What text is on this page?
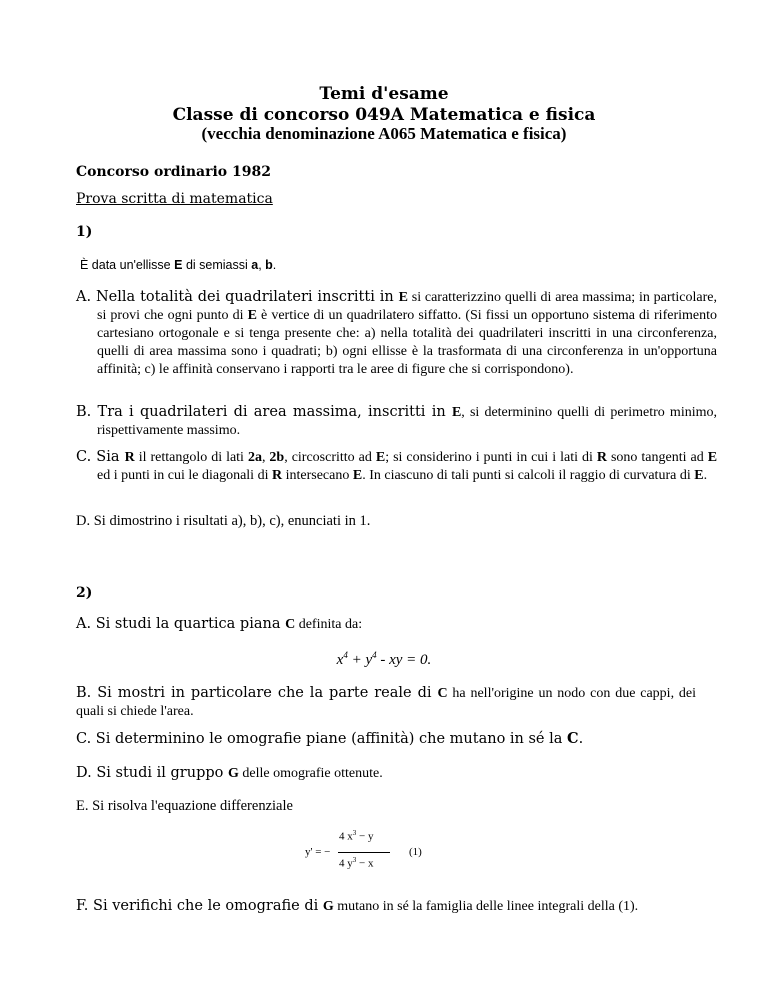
Temi d'esame
Classe di concorso 049A Matematica e fisica
(vecchia denominazione A065 Matematica e fisica)
Concorso ordinario 1982
Prova scritta di matematica
1)
È data un'ellisse E di semiassi a, b.
A. Nella totalità dei quadrilateri inscritti in E si caratterizzino quelli di area massima; in particolare, si provi che ogni punto di E è vertice di un quadrilatero siffatto. (Si fissi un opportuno sistema di riferimento cartesiano ortogonale e si tenga presente che: a) nella totalità dei quadrilateri inscritti in una circonferenza, quelli di area massima sono i quadrati; b) ogni ellisse è la trasformata di una circonferenza in un'opportuna affinità; c) le affinità conservano i rapporti tra le aree di figure che si corrispondono).
B. Tra i quadrilateri di area massima, inscritti in E, si determinino quelli di perimetro minimo, rispettivamente massimo.
C. Sia R il rettangolo di lati 2a, 2b, circoscritto ad E; si considerino i punti in cui i lati di R sono tangenti ad E ed i punti in cui le diagonali di R intersecano E. In ciascuno di tali punti si calcoli il raggio di curvatura di E.
D. Si dimostrino i risultati a), b), c), enunciati in 1.
2)
A. Si studi la quartica piana C definita da:
$x^4 + y^4$ - xy = 0.
B. Si mostri in particolare che la parte reale di C ha nell'origine un nodo con due cappi, dei quali si chiede l'area.
C. Si determinino le omografie piane (affinità) che mutano in sé la C.
D. Si studi il gruppo G delle omografie ottenute.
E. Si risolva l'equazione differenziale
y' = −
4 $x^3 - y$
4 $y^3 - x$
(1)
F. Si verifichi che le omografie di G mutano in sé la famiglia delle linee integrali della (1).
